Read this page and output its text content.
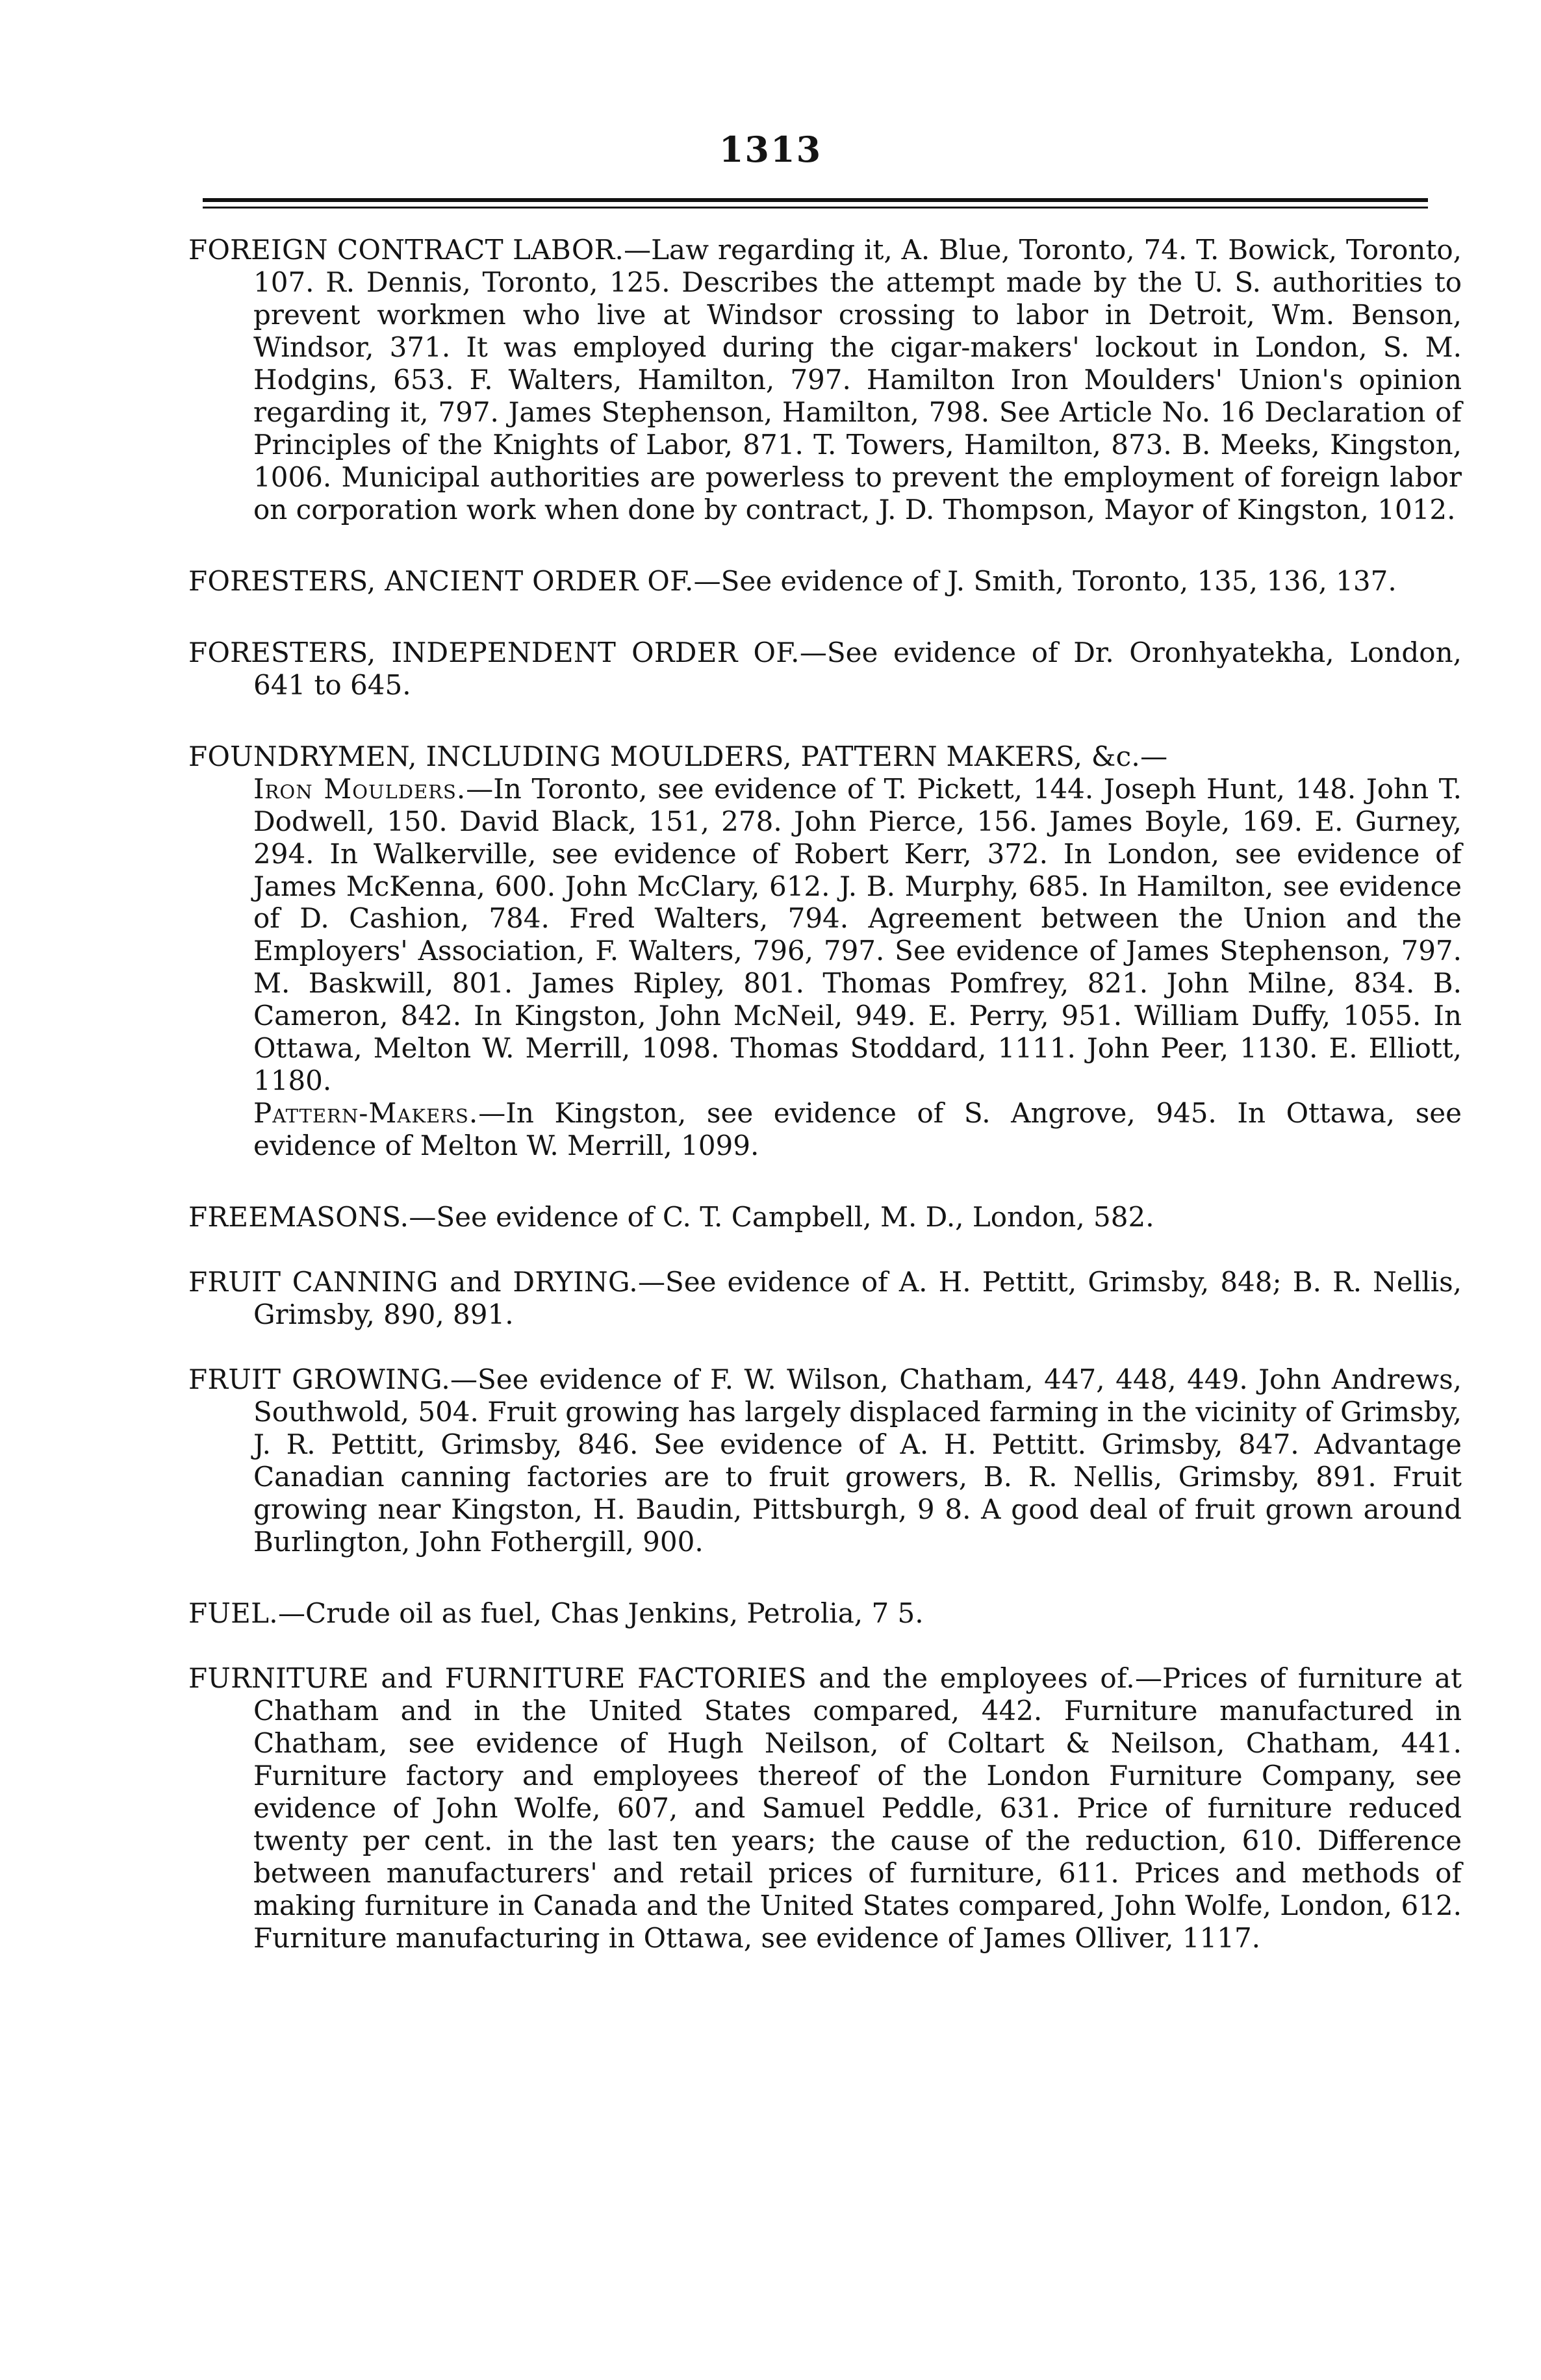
1313

FOREIGN CONTRACT LABOR.—Law regarding it, A. Blue, Toronto, 74. T. Bowick, Toronto, 107. R. Dennis, Toronto, 125. Describes the attempt made by the U. S. authorities to prevent workmen who live at Windsor crossing to labor in Detroit, Wm. Benson, Windsor, 371. It was employed during the cigar-makers' lockout in London, S. M. Hodgins, 653. F. Walters, Hamilton, 797. Hamilton Iron Moulders' Union's opinion regarding it, 797. James Stephenson, Hamilton, 798. See Article No. 16 Declaration of Principles of the Knights of Labor, 871. T. Towers, Hamilton, 873. B. Meeks, Kingston, 1006. Municipal authorities are powerless to prevent the employment of foreign labor on corporation work when done by contract, J. D. Thompson, Mayor of Kingston, 1012.

FORESTERS, ANCIENT ORDER OF.—See evidence of J. Smith, Toronto, 135, 136, 137.

FORESTERS, INDEPENDENT ORDER OF.—See evidence of Dr. Oronhyatekha, London, 641 to 645.

FOUNDRYMEN, INCLUDING MOULDERS, PATTERN MAKERS, &c.—

Iron Moulders.—In Toronto, see evidence of T. Pickett, 144. Joseph Hunt, 148. John T. Dodwell, 150. David Black, 151, 278. John Pierce, 156. James Boyle, 169. E. Gurney, 294. In Walkerville, see evidence of Robert Kerr, 372. In London, see evidence of James McKenna, 600. John McClary, 612. J. B. Murphy, 685. In Hamilton, see evidence of D. Cashion, 784. Fred Walters, 794. Agreement between the Union and the Employers' Association, F. Walters, 796, 797. See evidence of James Stephenson, 797. M. Baskwill, 801. James Ripley, 801. Thomas Pomfrey, 821. John Milne, 834. B. Cameron, 842. In Kingston, John McNeil, 949. E. Perry, 951. William Duffy, 1055. In Ottawa, Melton W. Merrill, 1098. Thomas Stoddard, 1111. John Peer, 1130. E. Elliott, 1180.

Pattern-Makers.—In Kingston, see evidence of S. Angrove, 945. In Ottawa, see evidence of Melton W. Merrill, 1099.

FREEMASONS.—See evidence of C. T. Campbell, M. D., London, 582.

FRUIT CANNING and DRYING.—See evidence of A. H. Pettitt, Grimsby, 848; B. R. Nellis, Grimsby, 890, 891.

FRUIT GROWING.—See evidence of F. W. Wilson, Chatham, 447, 448, 449. John Andrews, Southwold, 504. Fruit growing has largely displaced farming in the vicinity of Grimsby, J. R. Pettitt, Grimsby, 846. See evidence of A. H. Pettitt. Grimsby, 847. Advantage Canadian canning factories are to fruit growers, B. R. Nellis, Grimsby, 891. Fruit growing near Kingston, H. Baudin, Pittsburgh, 9 8. A good deal of fruit grown around Burlington, John Fothergill, 900.

FUEL.—Crude oil as fuel, Chas Jenkins, Petrolia, 7 5.

FURNITURE and FURNITURE FACTORIES and the employees of.—Prices of furniture at Chatham and in the United States compared, 442. Furniture manufactured in Chatham, see evidence of Hugh Neilson, of Coltart & Neilson, Chatham, 441. Furniture factory and employees thereof of the London Furniture Company, see evidence of John Wolfe, 607, and Samuel Peddle, 631. Price of furniture reduced twenty per cent. in the last ten years; the cause of the reduction, 610. Difference between manufacturers' and retail prices of furniture, 611. Prices and methods of making furniture in Canada and the United States compared, John Wolfe, London, 612. Furniture manufacturing in Ottawa, see evidence of James Olliver, 1117.
